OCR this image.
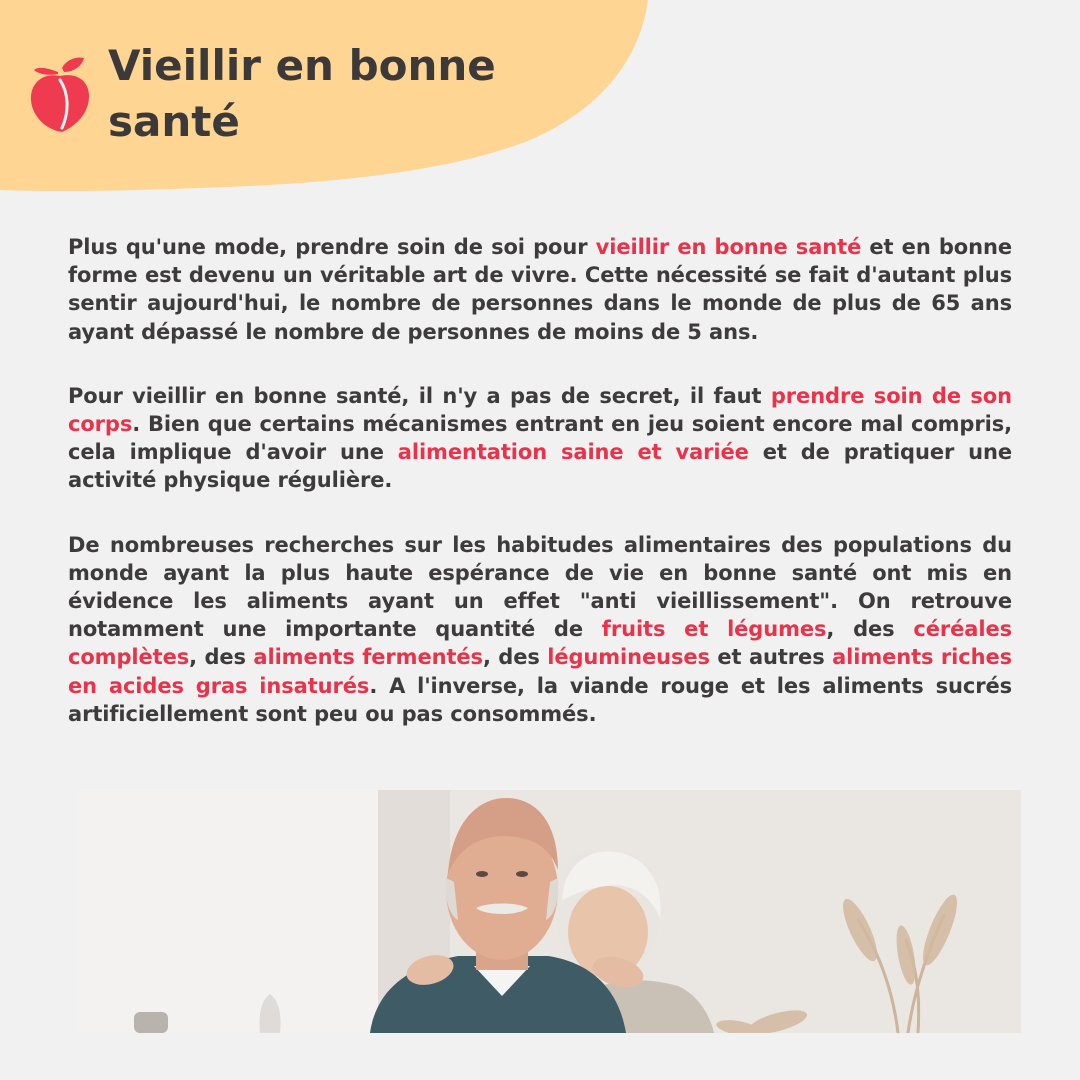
Vieillir en bonne
santé

Plus qu'une mode, prendre soin de soi pour vieillir en bonne santé et en bonne forme est devenu un véritable art de vivre. Cette nécessité se fait d'autant plus sentir aujourd'hui, le nombre de personnes dans le monde de plus de 65 ans ayant dépassé le nombre de personnes de moins de 5 ans.

Pour vieillir en bonne santé, il n'y a pas de secret, il faut prendre soin de son corps. Bien que certains mécanismes entrant en jeu soient encore mal compris, cela implique d'avoir une alimentation saine et variée et de pratiquer une activité physique régulière.

De nombreuses recherches sur les habitudes alimentaires des populations du monde ayant la plus haute espérance de vie en bonne santé ont mis en évidence les aliments ayant un effet "anti vieillissement". On retrouve notamment une importante quantité de fruits et légumes, des céréales complètes, des aliments fermentés, des légumineuses et autres aliments riches en acides gras insaturés. A l'inverse, la viande rouge et les aliments sucrés artificiellement sont peu ou pas consommés.
